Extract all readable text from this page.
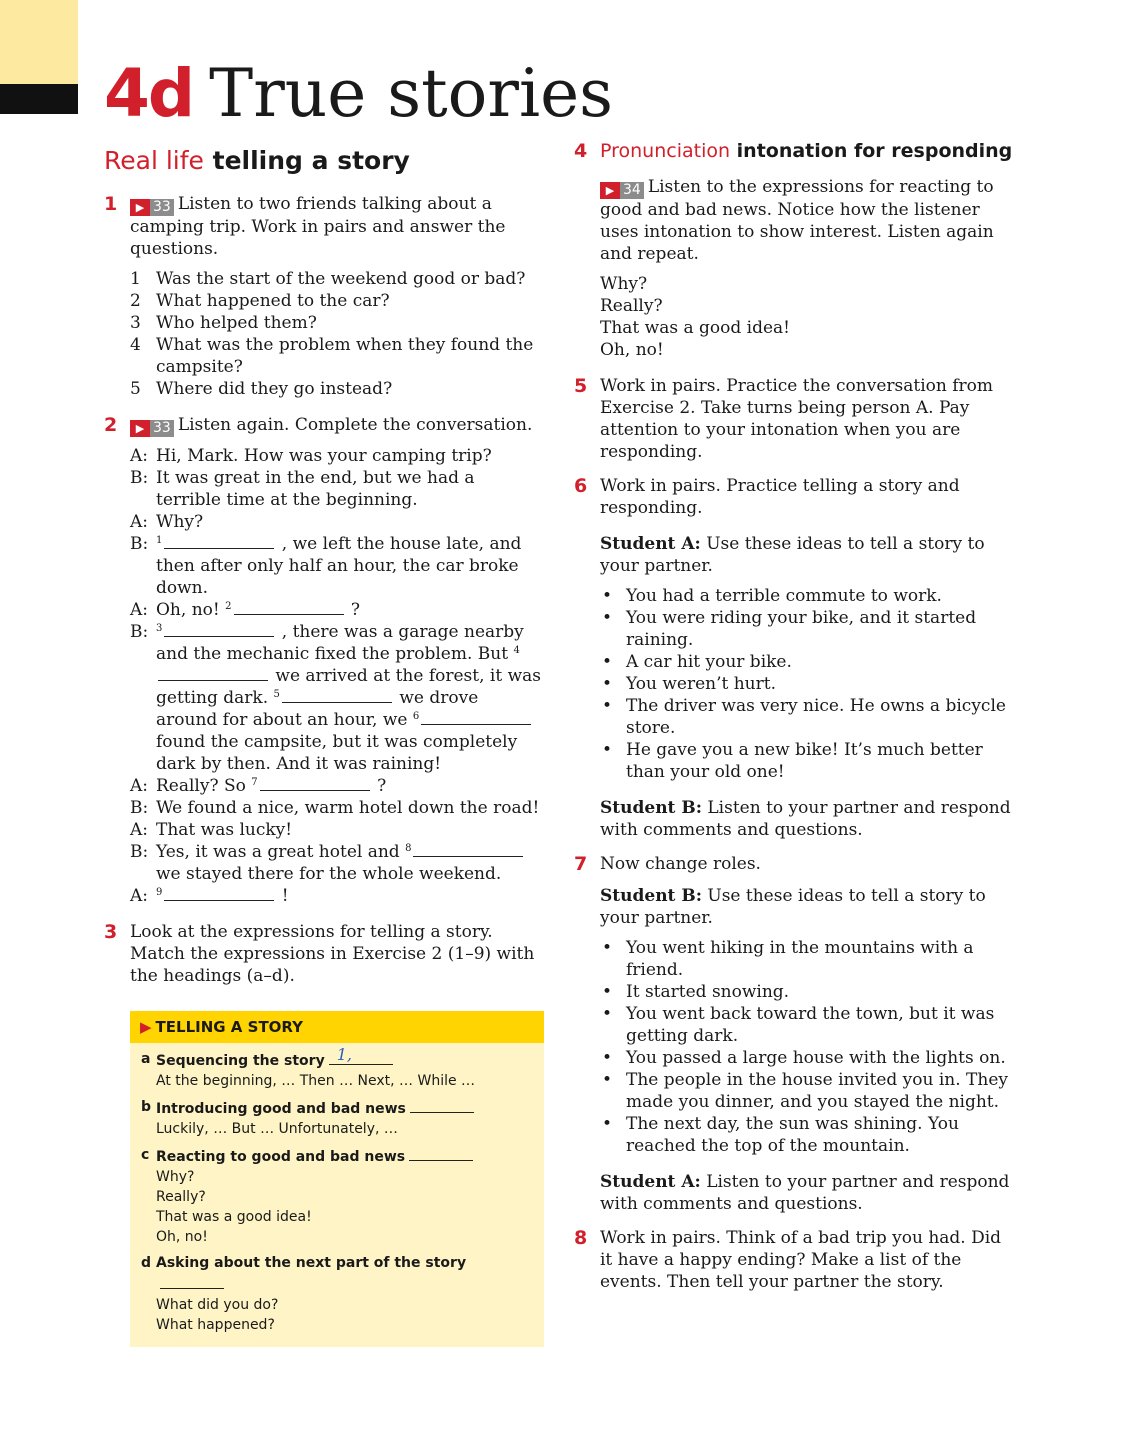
4d True stories
Real life telling a story
1	▶ 33 Listen to two friends talking about a camping trip. Work in pairs and answer the questions.

1 Was the start of the weekend good or bad?
2 What happened to the car?
3 Who helped them?
4 What was the problem when they found the campsite?
5 Where did they go instead?
2	▶ 33 Listen again. Complete the conversation.

A: Hi, Mark. How was your camping trip?
B: It was great in the end, but we had a terrible time at the beginning.
A: Why?
B: $^1$	, we left the house late, and then after only half an hour, the car broke down.
A: Oh, no! $^2$	?
B: $^3$	, there was a garage nearby and the mechanic fixed the problem. But $^4$ we arrived at the forest, it was getting dark. $^5$	we drove around for about an hour, we $^6$ found the campsite, but it was completely dark by then. And it was raining!
A: Really? So $^7$	?
B: We found a nice, warm hotel down the road!
A: That was lucky!
B: Yes, it was a great hotel and $^8$ we stayed there for the whole weekend.
A: $^9$	!
3 Look at the expressions for telling a story. Match the expressions in Exercise 2 (1–9) with the headings (a–d).

▶ TELLING A STORY
a Sequencing the story 1,
At the beginning, … Then … Next, … While …
b Introducing good and bad news
Luckily, … But … Unfortunately, …
c Reacting to good and bad news
Why?
Really?
That was a good idea!
Oh, no!
d Asking about the next part of the story
What did you do?
What happened?
4 Pronunciation intonation for responding

▶ 34 Listen to the expressions for reacting to good and bad news. Notice how the listener uses intonation to show interest. Listen again and repeat.

Why?
Really?
That was a good idea!
Oh, no!
5 Work in pairs. Practice the conversation from Exercise 2. Take turns being person A. Pay attention to your intonation when you are responding.

6 Work in pairs. Practice telling a story and responding.

Student A: Use these ideas to tell a story to your partner.

• You had a terrible commute to work.
• You were riding your bike, and it started raining.
• A car hit your bike.
• You weren’t hurt.
• The driver was very nice. He owns a bicycle store.
• He gave you a new bike! It’s much better than your old one!

Student B: Listen to your partner and respond with comments and questions.

7 Now change roles.

Student B: Use these ideas to tell a story to your partner.

• You went hiking in the mountains with a friend.
• It started snowing.
• You went back toward the town, but it was getting dark.
• You passed a large house with the lights on.
• The people in the house invited you in. They made you dinner, and you stayed the night.
• The next day, the sun was shining. You reached the top of the mountain.

Student A: Listen to your partner and respond with comments and questions.

8 Work in pairs. Think of a bad trip you had. Did it have a happy ending? Make a list of the events. Then tell your partner the story.
